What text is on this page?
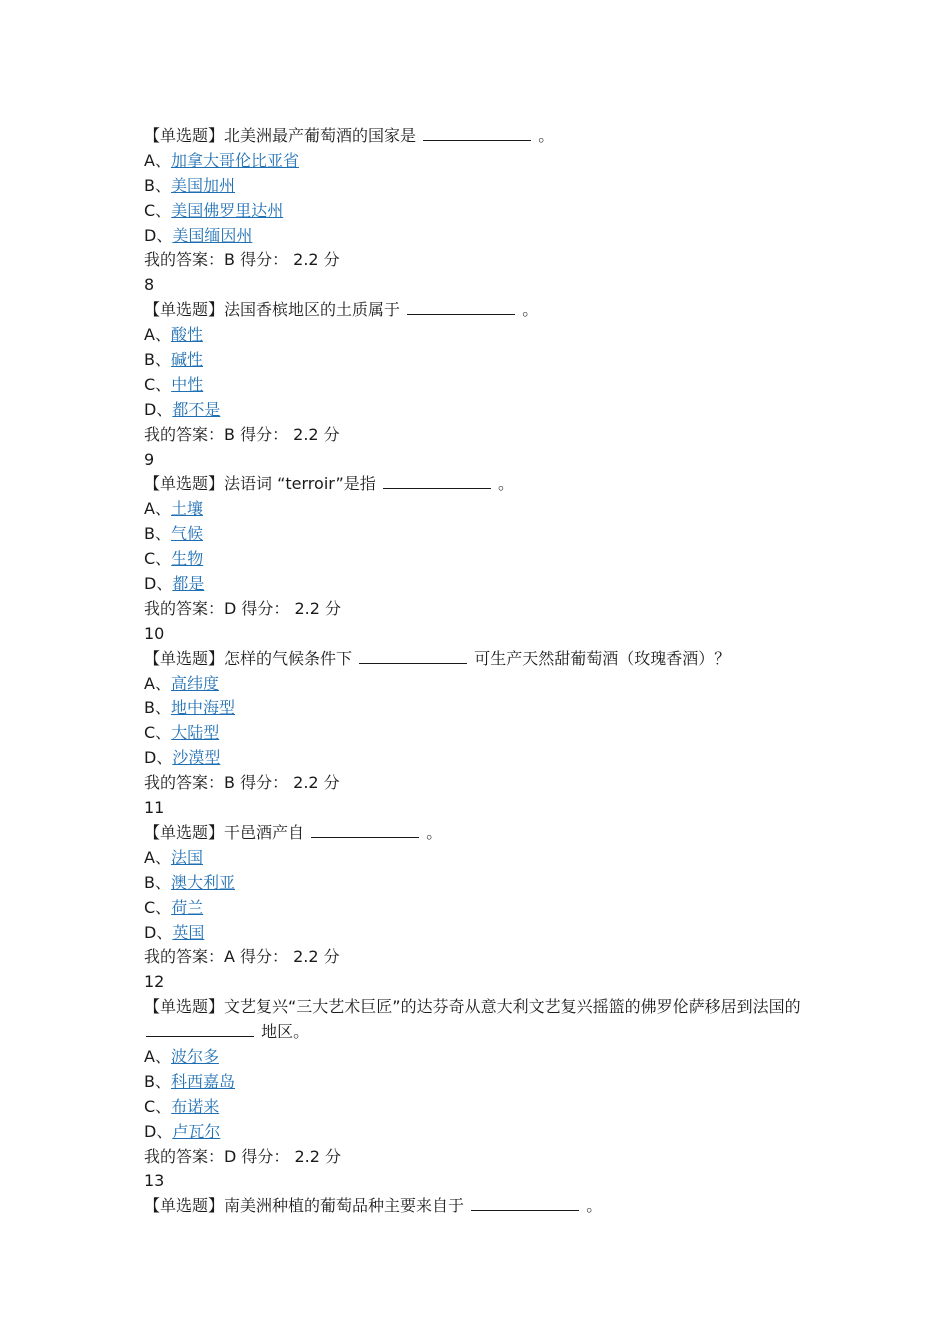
【单选题】北美洲最产葡萄酒的国家是	。
A、加拿大哥伦比亚省
B、美国加州
C、美国佛罗里达州
D、美国缅因州
我的答案：B 得分： 2.2 分
8
【单选题】法国香槟地区的土质属于	。
A、酸性
B、碱性
C、中性
D、都不是
我的答案：B 得分： 2.2 分
9
【单选题】法语词 “terroir”是指	。
A、土壤
B、气候
C、生物
D、都是
我的答案：D 得分： 2.2 分
10
【单选题】怎样的气候条件下	可生产天然甜葡萄酒（玫瑰香酒）？
A、高纬度
B、地中海型
C、大陆型
D、沙漠型
我的答案：B 得分： 2.2 分
11
【单选题】干邑酒产自	。
A、法国
B、澳大利亚
C、荷兰
D、英国
我的答案：A 得分： 2.2 分
12
【单选题】文艺复兴“三大艺术巨匠”的达芬奇从意大利文艺复兴摇篮的佛罗伦萨移居到法国的  地区。
A、波尔多
B、科西嘉岛
C、布诺来
D、卢瓦尔
我的答案：D 得分： 2.2 分
13
【单选题】南美洲种植的葡萄品种主要来自于	。
